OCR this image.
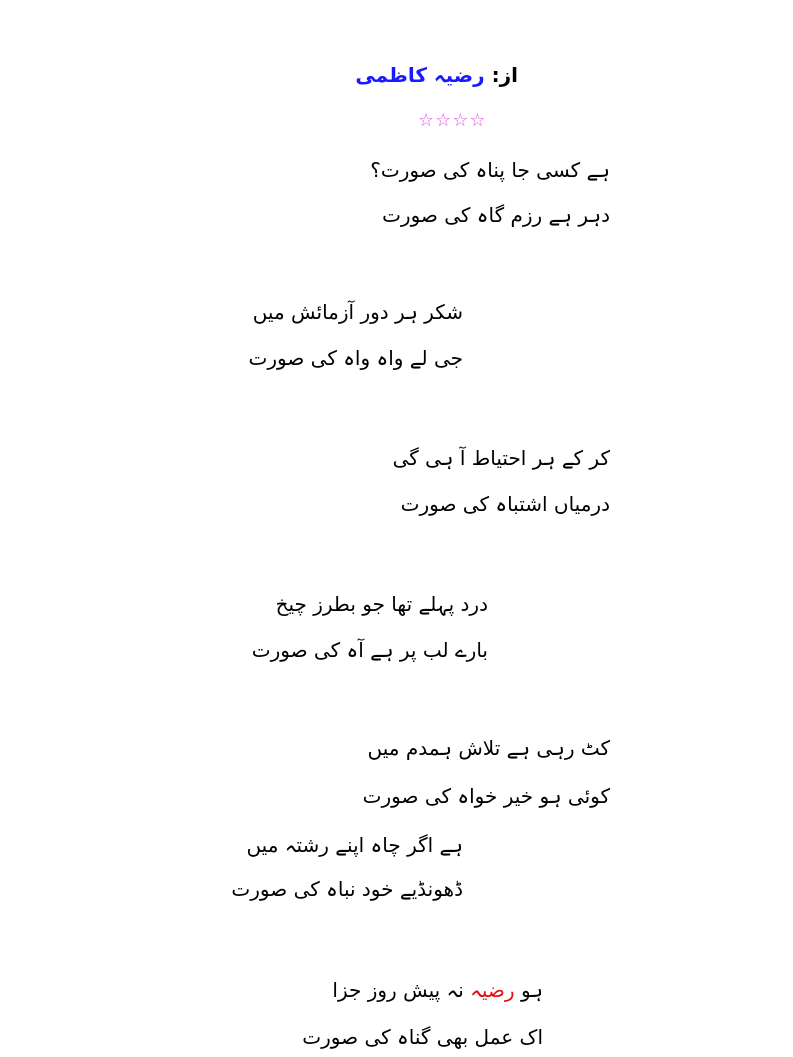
از: رضیہ کاظمی
☆☆☆☆
ہے کسی جا پناہ کی صورت؟
دہر ہے رزم گاہ کی صورت
شکر ہر دور آزمائش میں
جی لے واہ واہ کی صورت
کر کے ہر احتیاط آ ہی گی
درمیاں اشتباہ کی صورت
درد پہلے تھا جو بطرز چیخ
بارے لب پر ہے آہ کی صورت
کٹ رہی ہے تلاش ہمدم میں
کوئی ہو خیر خواہ کی صورت
ہے اگر چاہ اپنے رشتہ میں
ڈھونڈیے خود نباہ کی صورت
ہو رضیہ نہ پیش روز جزا
اک عمل بھی گناہ کی صورت
